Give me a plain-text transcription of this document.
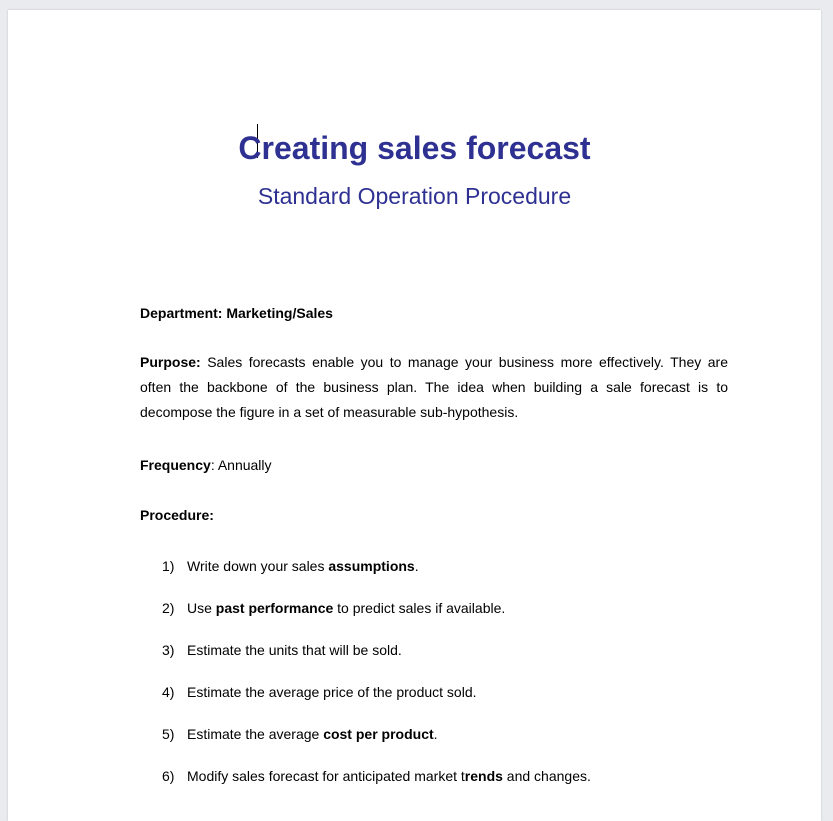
Creating sales forecast
Standard Operation Procedure
Department: Marketing/Sales
Purpose: Sales forecasts enable you to manage your business more effectively. They are often the backbone of the business plan. The idea when building a sale forecast is to decompose the figure in a set of measurable sub-hypothesis.
Frequency: Annually
Procedure:
1) Write down your sales assumptions.
2) Use past performance to predict sales if available.
3) Estimate the units that will be sold.
4) Estimate the average price of the product sold.
5) Estimate the average cost per product.
6) Modify sales forecast for anticipated market trends and changes.
